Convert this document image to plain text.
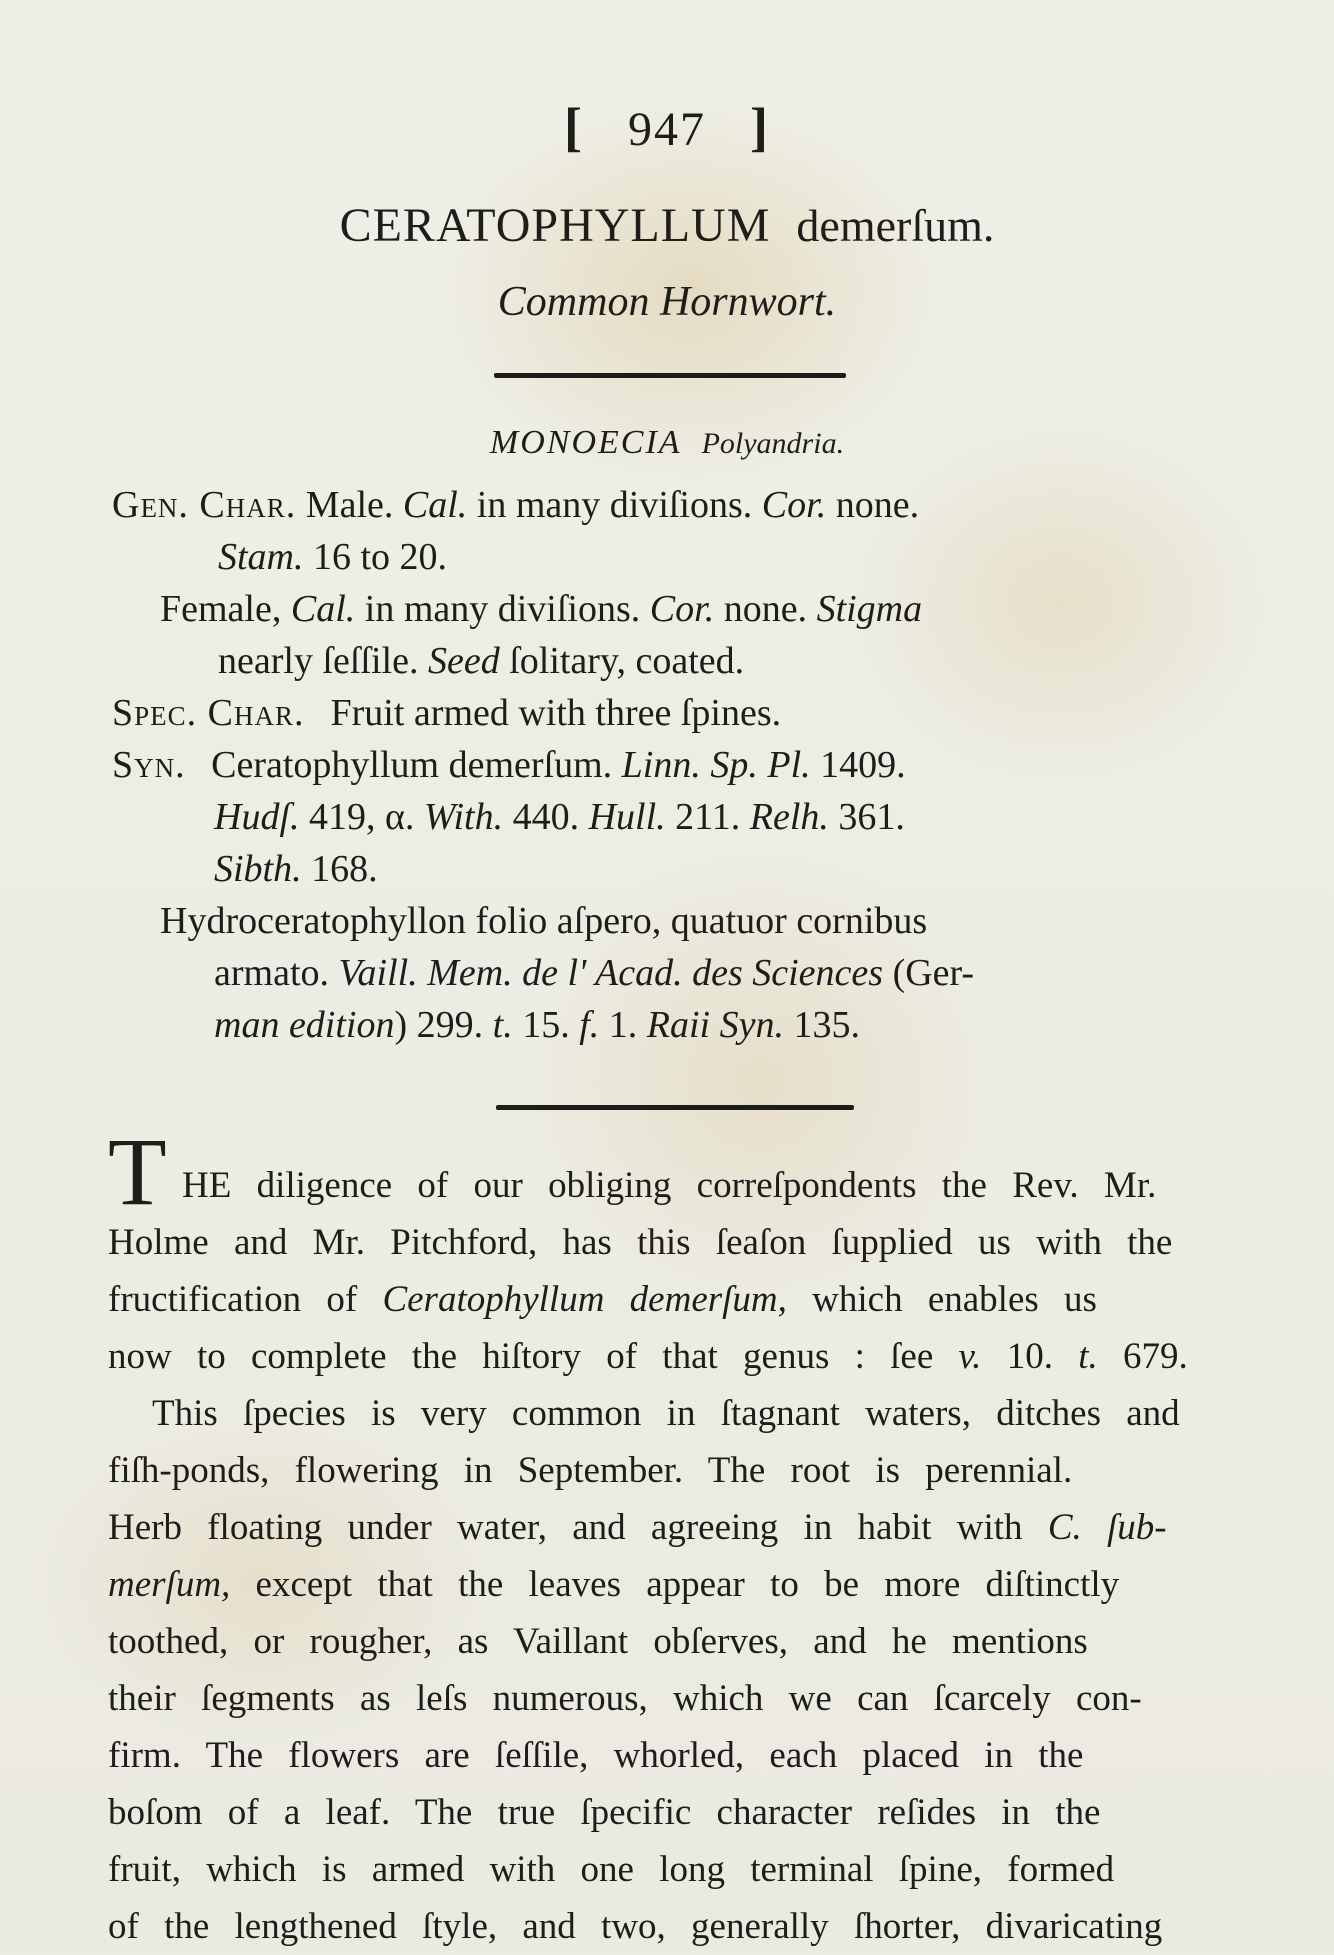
[ 947 ]
CERATOPHYLLUM demerſum.
Common Hornwort.
MONOECIA Polyandria.
Gen. Char. Male. Cal. in many diviſions. Cor. none.
Stam. 16 to 20.
Female, Cal. in many diviſions. Cor. none. Stigma
nearly ſeſſile. Seed ſolitary, coated.
Spec. Char. Fruit armed with three ſpines.
Syn. Ceratophyllum demerſum. Linn. Sp. Pl. 1409.
Hudſ. 419, α. With. 440. Hull. 211. Relh. 361.
Sibth. 168.
Hydroceratophyllon folio aſpero, quatuor cornibus
armato. Vaill. Mem. de l' Acad. des Sciences (Ger-
man edition) 299. t. 15. f. 1. Raii Syn. 135.
T HE diligence of our obliging correſpondents the Rev. Mr.
Holme and Mr. Pitchford, has this ſeaſon ſupplied us with the
fructification of Ceratophyllum demerſum, which enables us
now to complete the hiſtory of that genus : ſee v. 10. t. 679.
This ſpecies is very common in ſtagnant waters, ditches and
fiſh-ponds, flowering in September. The root is perennial.
Herb floating under water, and agreeing in habit with C. ſub-
merſum, except that the leaves appear to be more diſtinctly
toothed, or rougher, as Vaillant obſerves, and he mentions
their ſegments as leſs numerous, which we can ſcarcely con-
firm. The flowers are ſeſſile, whorled, each placed in the
boſom of a leaf. The true ſpecific character reſides in the
fruit, which is armed with one long terminal ſpine, formed
of the lengthened ſtyle, and two, generally ſhorter, divaricating
